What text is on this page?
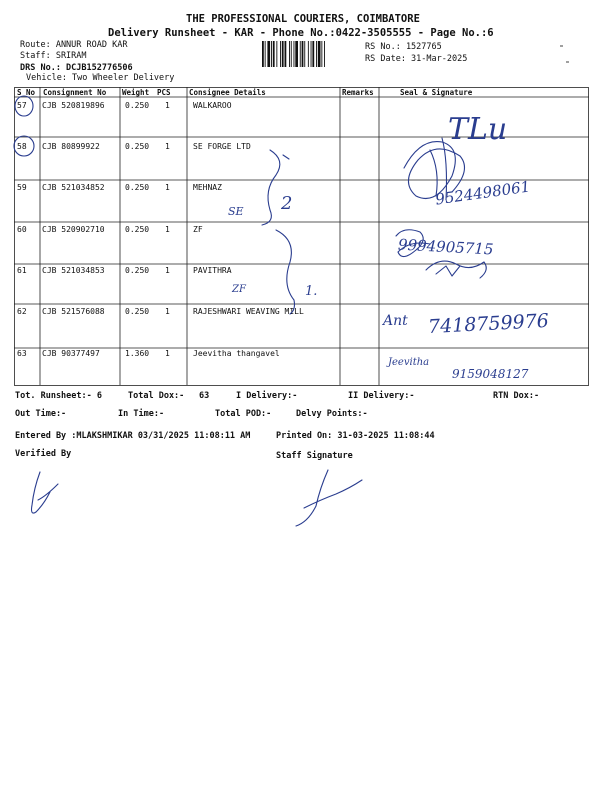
THE PROFESSIONAL COURIERS, COIMBATORE
Delivery Runsheet - KAR - Phone No.:0422-3505555 - Page No.:6
Route: ANNUR ROAD KAR
Staff: SRIRAM
DRS No.: DCJB152776506
Vehicle: Two Wheeler Delivery
RS No.: 1527765
RS Date: 31-Mar-2025
S No Consignment No Weight PCS Consignee Details	Remarks	Seal & Signature
57 CJB 520819896	0.250 1	WALKAROO
58 CJB 80899922	0.250 1	SE FORGE LTD
59 CJB 521034852	0.250 1	MEHNAZ
60 CJB 520902710	0.250 1	ZF
61 CJB 521034853	0.250 1	PAVITHRA
62 CJB 521576088	0.250 1	RAJESHWARI WEAVING MILL
63 CJB 90377497	1.360 1	Jeevitha thangavel
SE 2
ZF	1.
TLu
9524498061
9994905715
Ant 7418759976
Jeevitha
9159048127
Tot. Runsheet:- 6	Total Dox:- 63	I Delivery:-	II Delivery:-	RTN Dox:-
Out Time:-	In Time:-	Total POD:-	Delvy Points:-
Entered By :MLAKSHMIKAR 03/31/2025 11:08:11 AM	Printed On: 31-03-2025 11:08:44
Verified By	Staff Signature
